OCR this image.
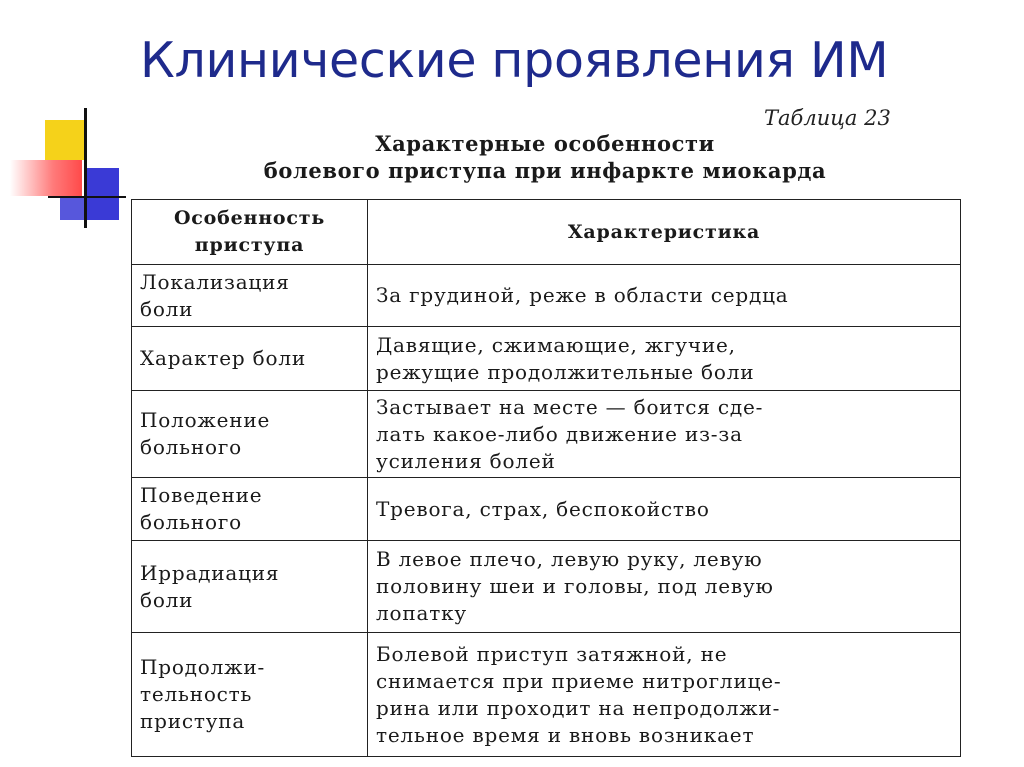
Клинические проявления ИМ
Таблица 23
Характерные особенности
болевого приступа при инфаркте миокарда
Особенность
приступа	Характеристика

Локализация
боли	За грудиной, реже в области сердца

Характер боли	Давящие, сжимающие, жгучие,
режущие продолжительные боли

Положение
больного	Застывает на месте — боится сде-
лать какое-либо движение из-за
усиления болей

Поведение
больного	Тревога, страх, беспокойство

Иррадиация
боли	В левое плечо, левую руку, левую
половину шеи и головы, под левую
лопатку

Продолжи-
тельность
приступа	Болевой приступ затяжной, не
снимается при приеме нитроглице-
рина или проходит на непродолжи-
тельное время и вновь возникает
